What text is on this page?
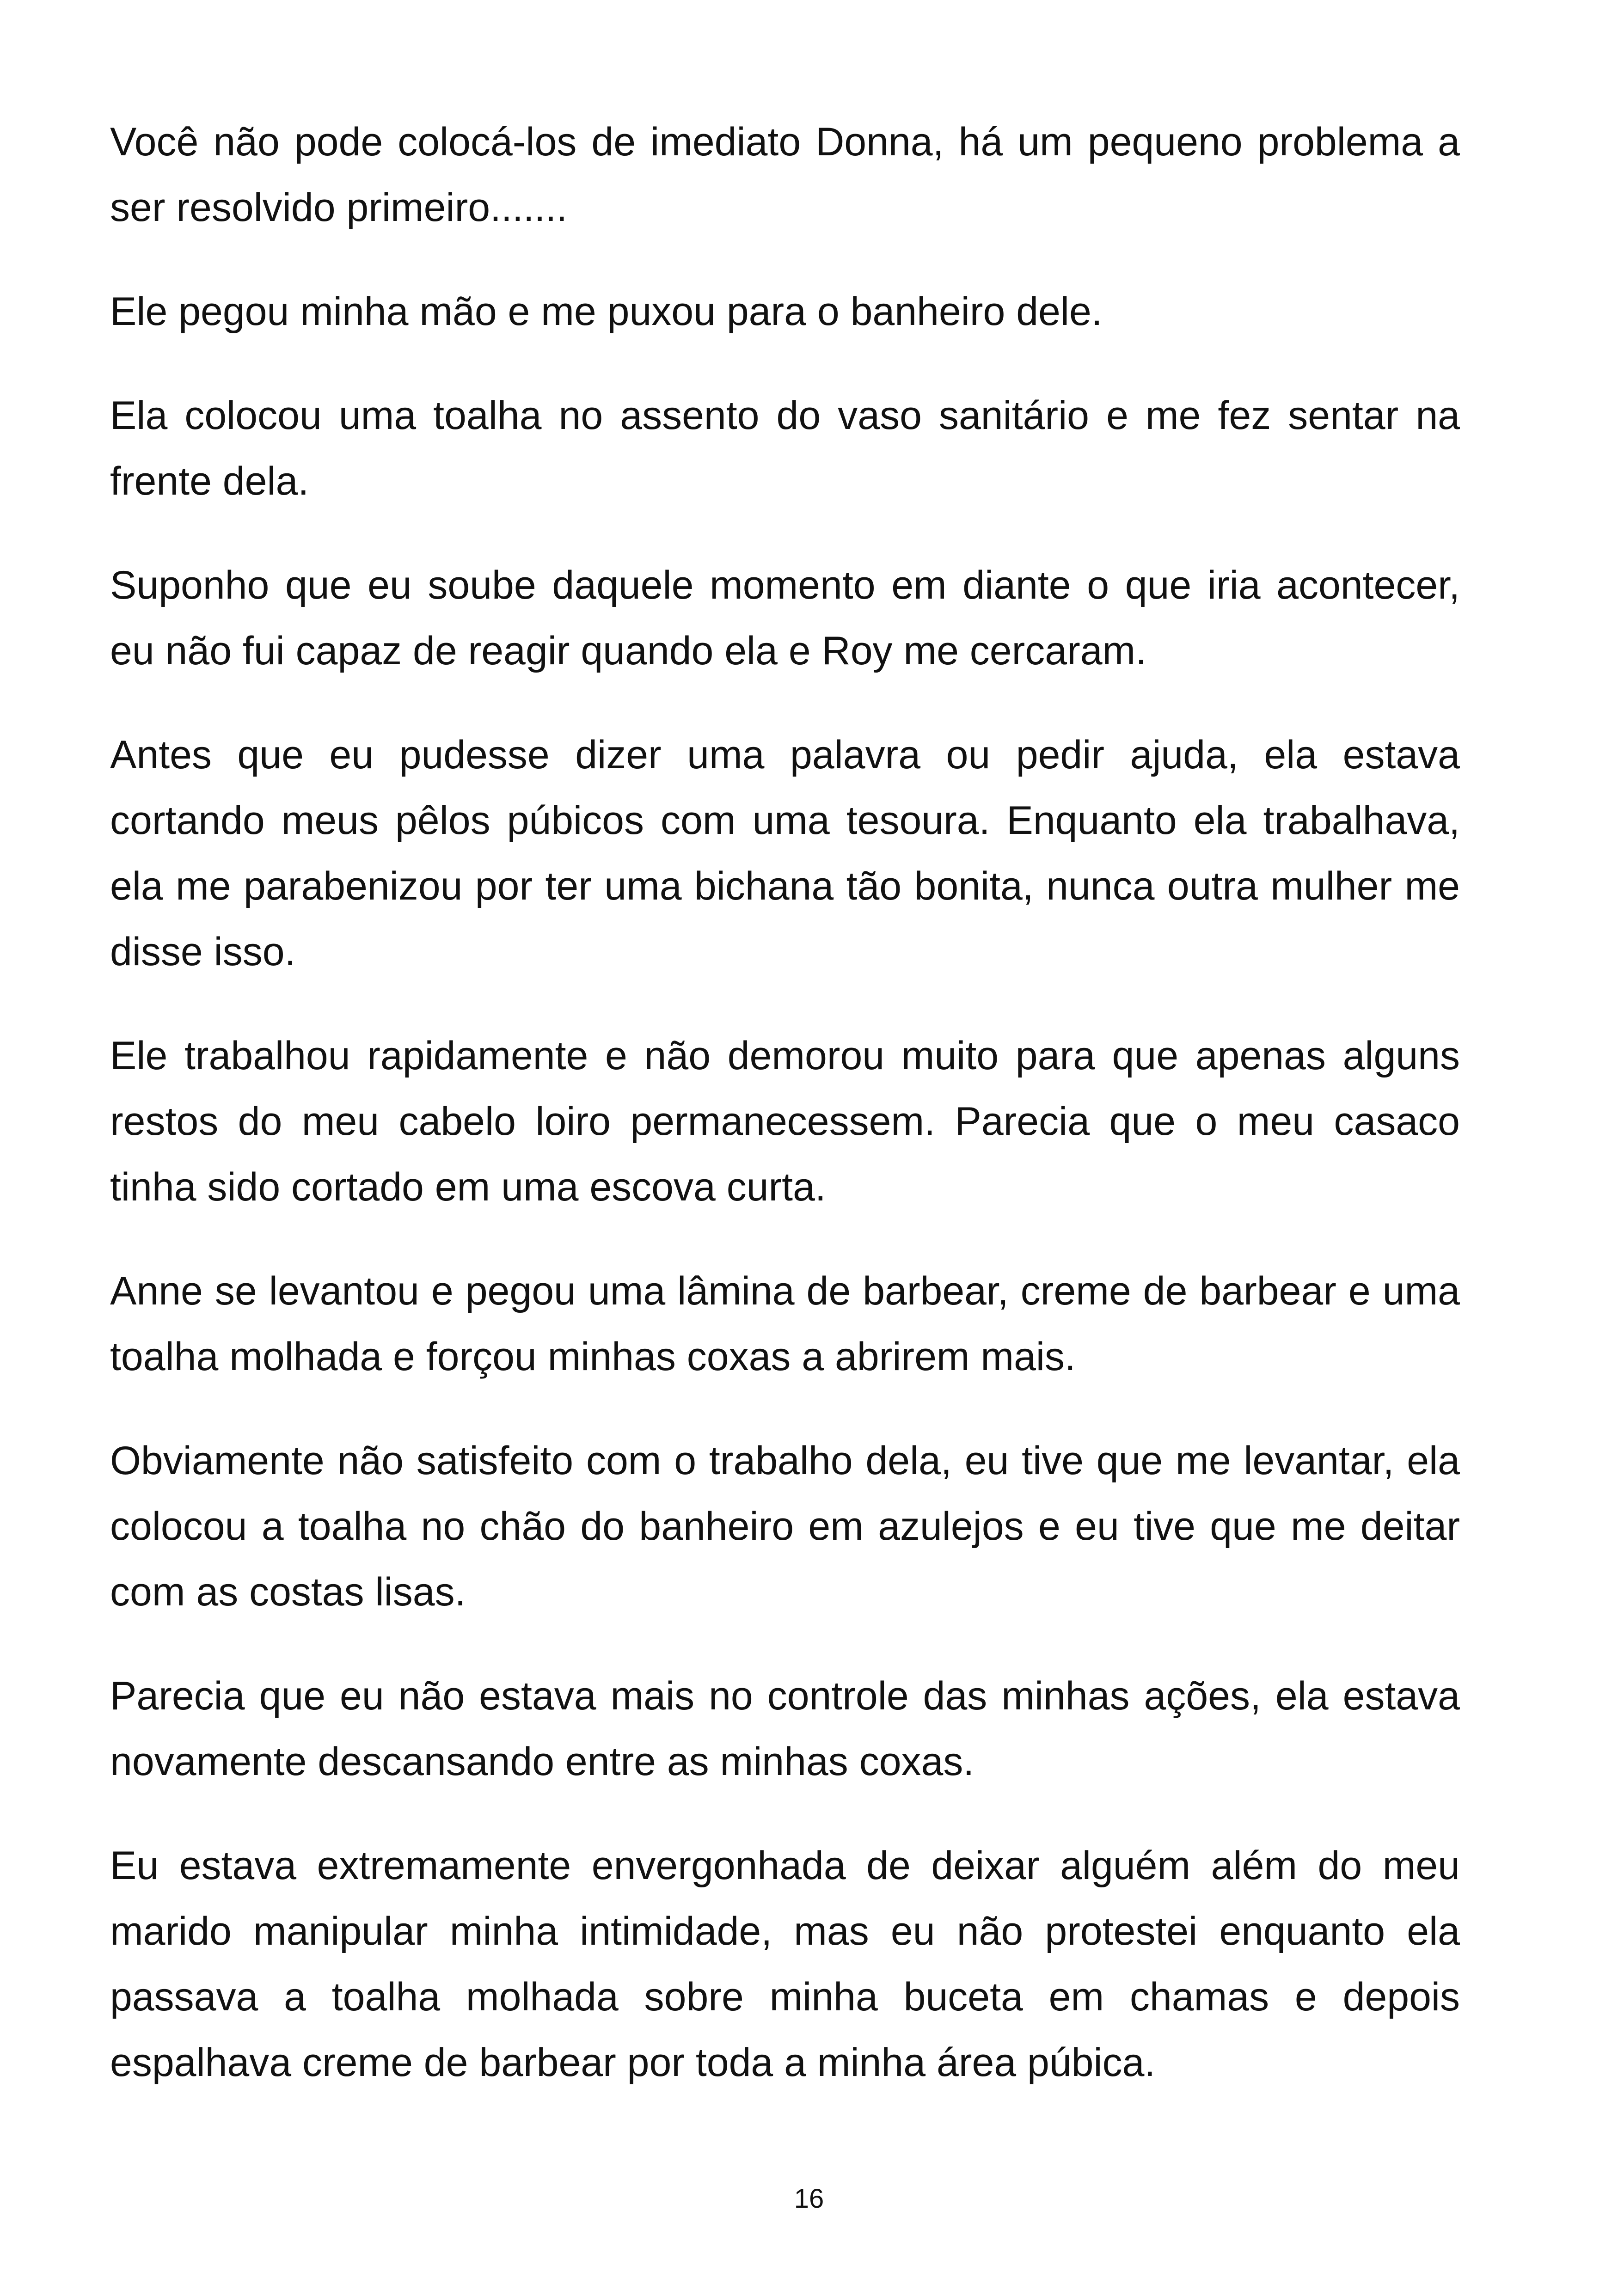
Você não pode colocá-los de imediato Donna, há um pequeno problema a ser resolvido primeiro.......

Ele pegou minha mão e me puxou para o banheiro dele.

Ela colocou uma toalha no assento do vaso sanitário e me fez sentar na frente dela.

Suponho que eu soube daquele momento em diante o que iria acontecer, eu não fui capaz de reagir quando ela e Roy me cercaram.

Antes que eu pudesse dizer uma palavra ou pedir ajuda, ela estava cortando meus pêlos púbicos com uma tesoura. Enquanto ela trabalhava, ela me parabenizou por ter uma bichana tão bonita, nunca outra mulher me disse isso.

Ele trabalhou rapidamente e não demorou muito para que apenas alguns restos do meu cabelo loiro permanecessem. Parecia que o meu casaco tinha sido cortado em uma escova curta.

Anne se levantou e pegou uma lâmina de barbear, creme de barbear e uma toalha molhada e forçou minhas coxas a abrirem mais.

Obviamente não satisfeito com o trabalho dela, eu tive que me levantar, ela colocou a toalha no chão do banheiro em azulejos e eu tive que me deitar com as costas lisas.

Parecia que eu não estava mais no controle das minhas ações, ela estava novamente descansando entre as minhas coxas.

Eu estava extremamente envergonhada de deixar alguém além do meu marido manipular minha intimidade, mas eu não protestei enquanto ela passava a toalha molhada sobre minha buceta em chamas e depois espalhava creme de barbear por toda a minha área púbica.

16
